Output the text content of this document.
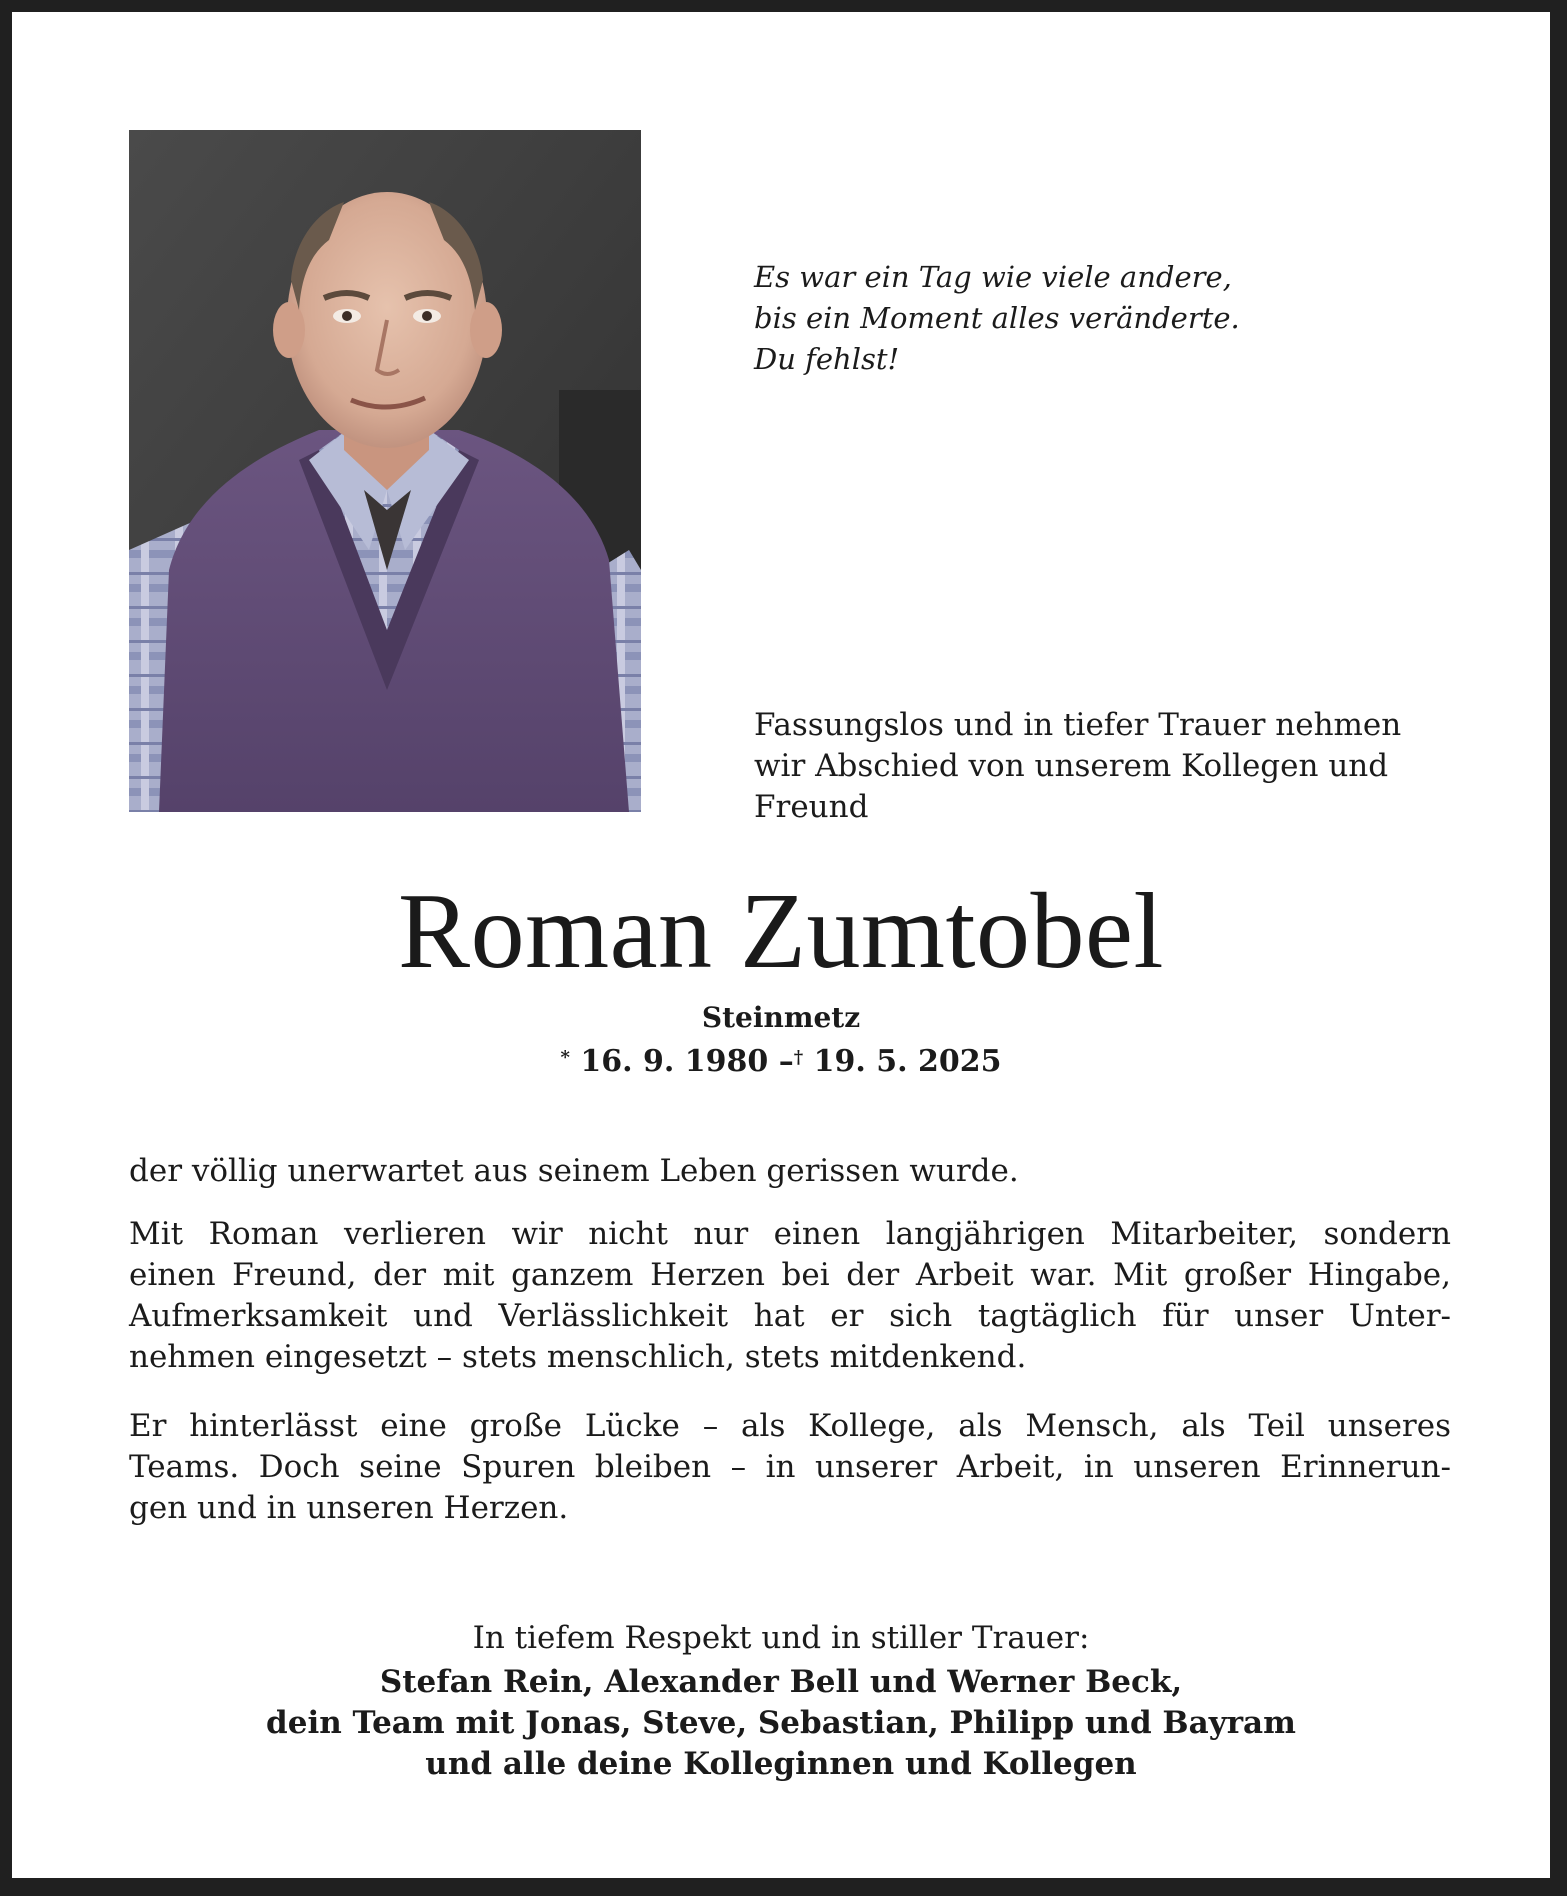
Es war ein Tag wie viele andere,
bis ein Moment alles veränderte.
Du fehlst!
Fassungslos und in tiefer Trauer nehmen
wir Abschied von unserem Kollegen und
Freund
Roman Zumtobel
Steinmetz
* 16. 9. 1980 –† 19. 5. 2025
der völlig unerwartet aus seinem Leben gerissen wurde.
Mit Roman verlieren wir nicht nur einen langjährigen Mitarbeiter, sondern
einen Freund, der mit ganzem Herzen bei der Arbeit war. Mit großer Hingabe,
Aufmerksamkeit und Verlässlichkeit hat er sich tagtäglich für unser Unter-
nehmen eingesetzt – stets menschlich, stets mitdenkend.
Er hinterlässt eine große Lücke – als Kollege, als Mensch, als Teil unseres
Teams. Doch seine Spuren bleiben – in unserer Arbeit, in unseren Erinnerun-
gen und in unseren Herzen.
In tiefem Respekt und in stiller Trauer:
Stefan Rein, Alexander Bell und Werner Beck,
dein Team mit Jonas, Steve, Sebastian, Philipp und Bayram
und alle deine Kolleginnen und Kollegen
